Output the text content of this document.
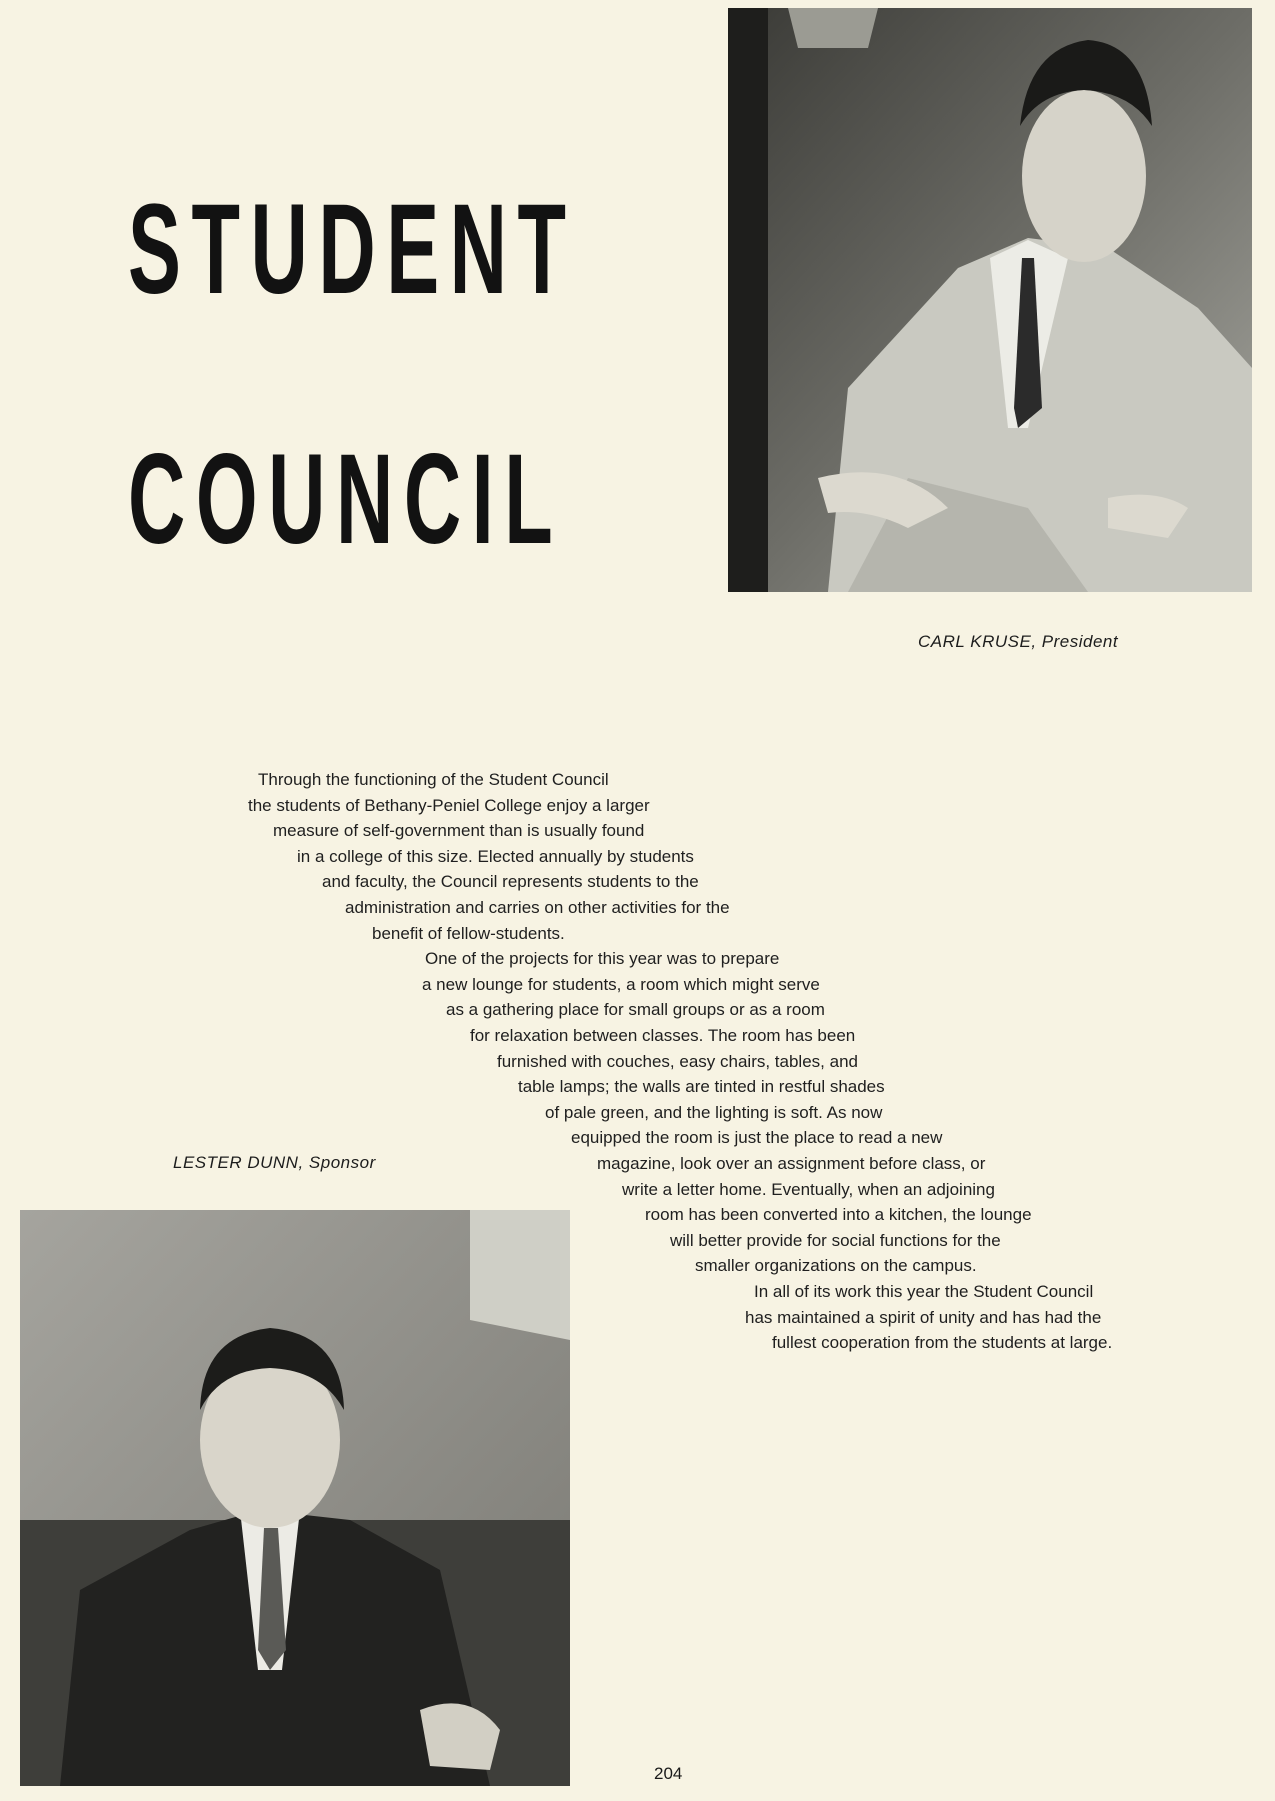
STUDENT
COUNCIL

CARL KRUSE, President

LESTER DUNN, Sponsor

Through the functioning of the Student Council

the students of Bethany-Peniel College enjoy a larger

measure of self-government than is usually found

in a college of this size. Elected annually by students

and faculty, the Council represents students to the

administration and carries on other activities for the

benefit of fellow-students.

One of the projects for this year was to prepare

a new lounge for students, a room which might serve

as a gathering place for small groups or as a room

for relaxation between classes. The room has been

furnished with couches, easy chairs, tables, and

table lamps; the walls are tinted in restful shades

of pale green, and the lighting is soft. As now

equipped the room is just the place to read a new

magazine, look over an assignment before class, or

write a letter home. Eventually, when an adjoining

room has been converted into a kitchen, the lounge

will better provide for social functions for the

smaller organizations on the campus.

In all of its work this year the Student Council

has maintained a spirit of unity and has had the

fullest cooperation from the students at large.

204
